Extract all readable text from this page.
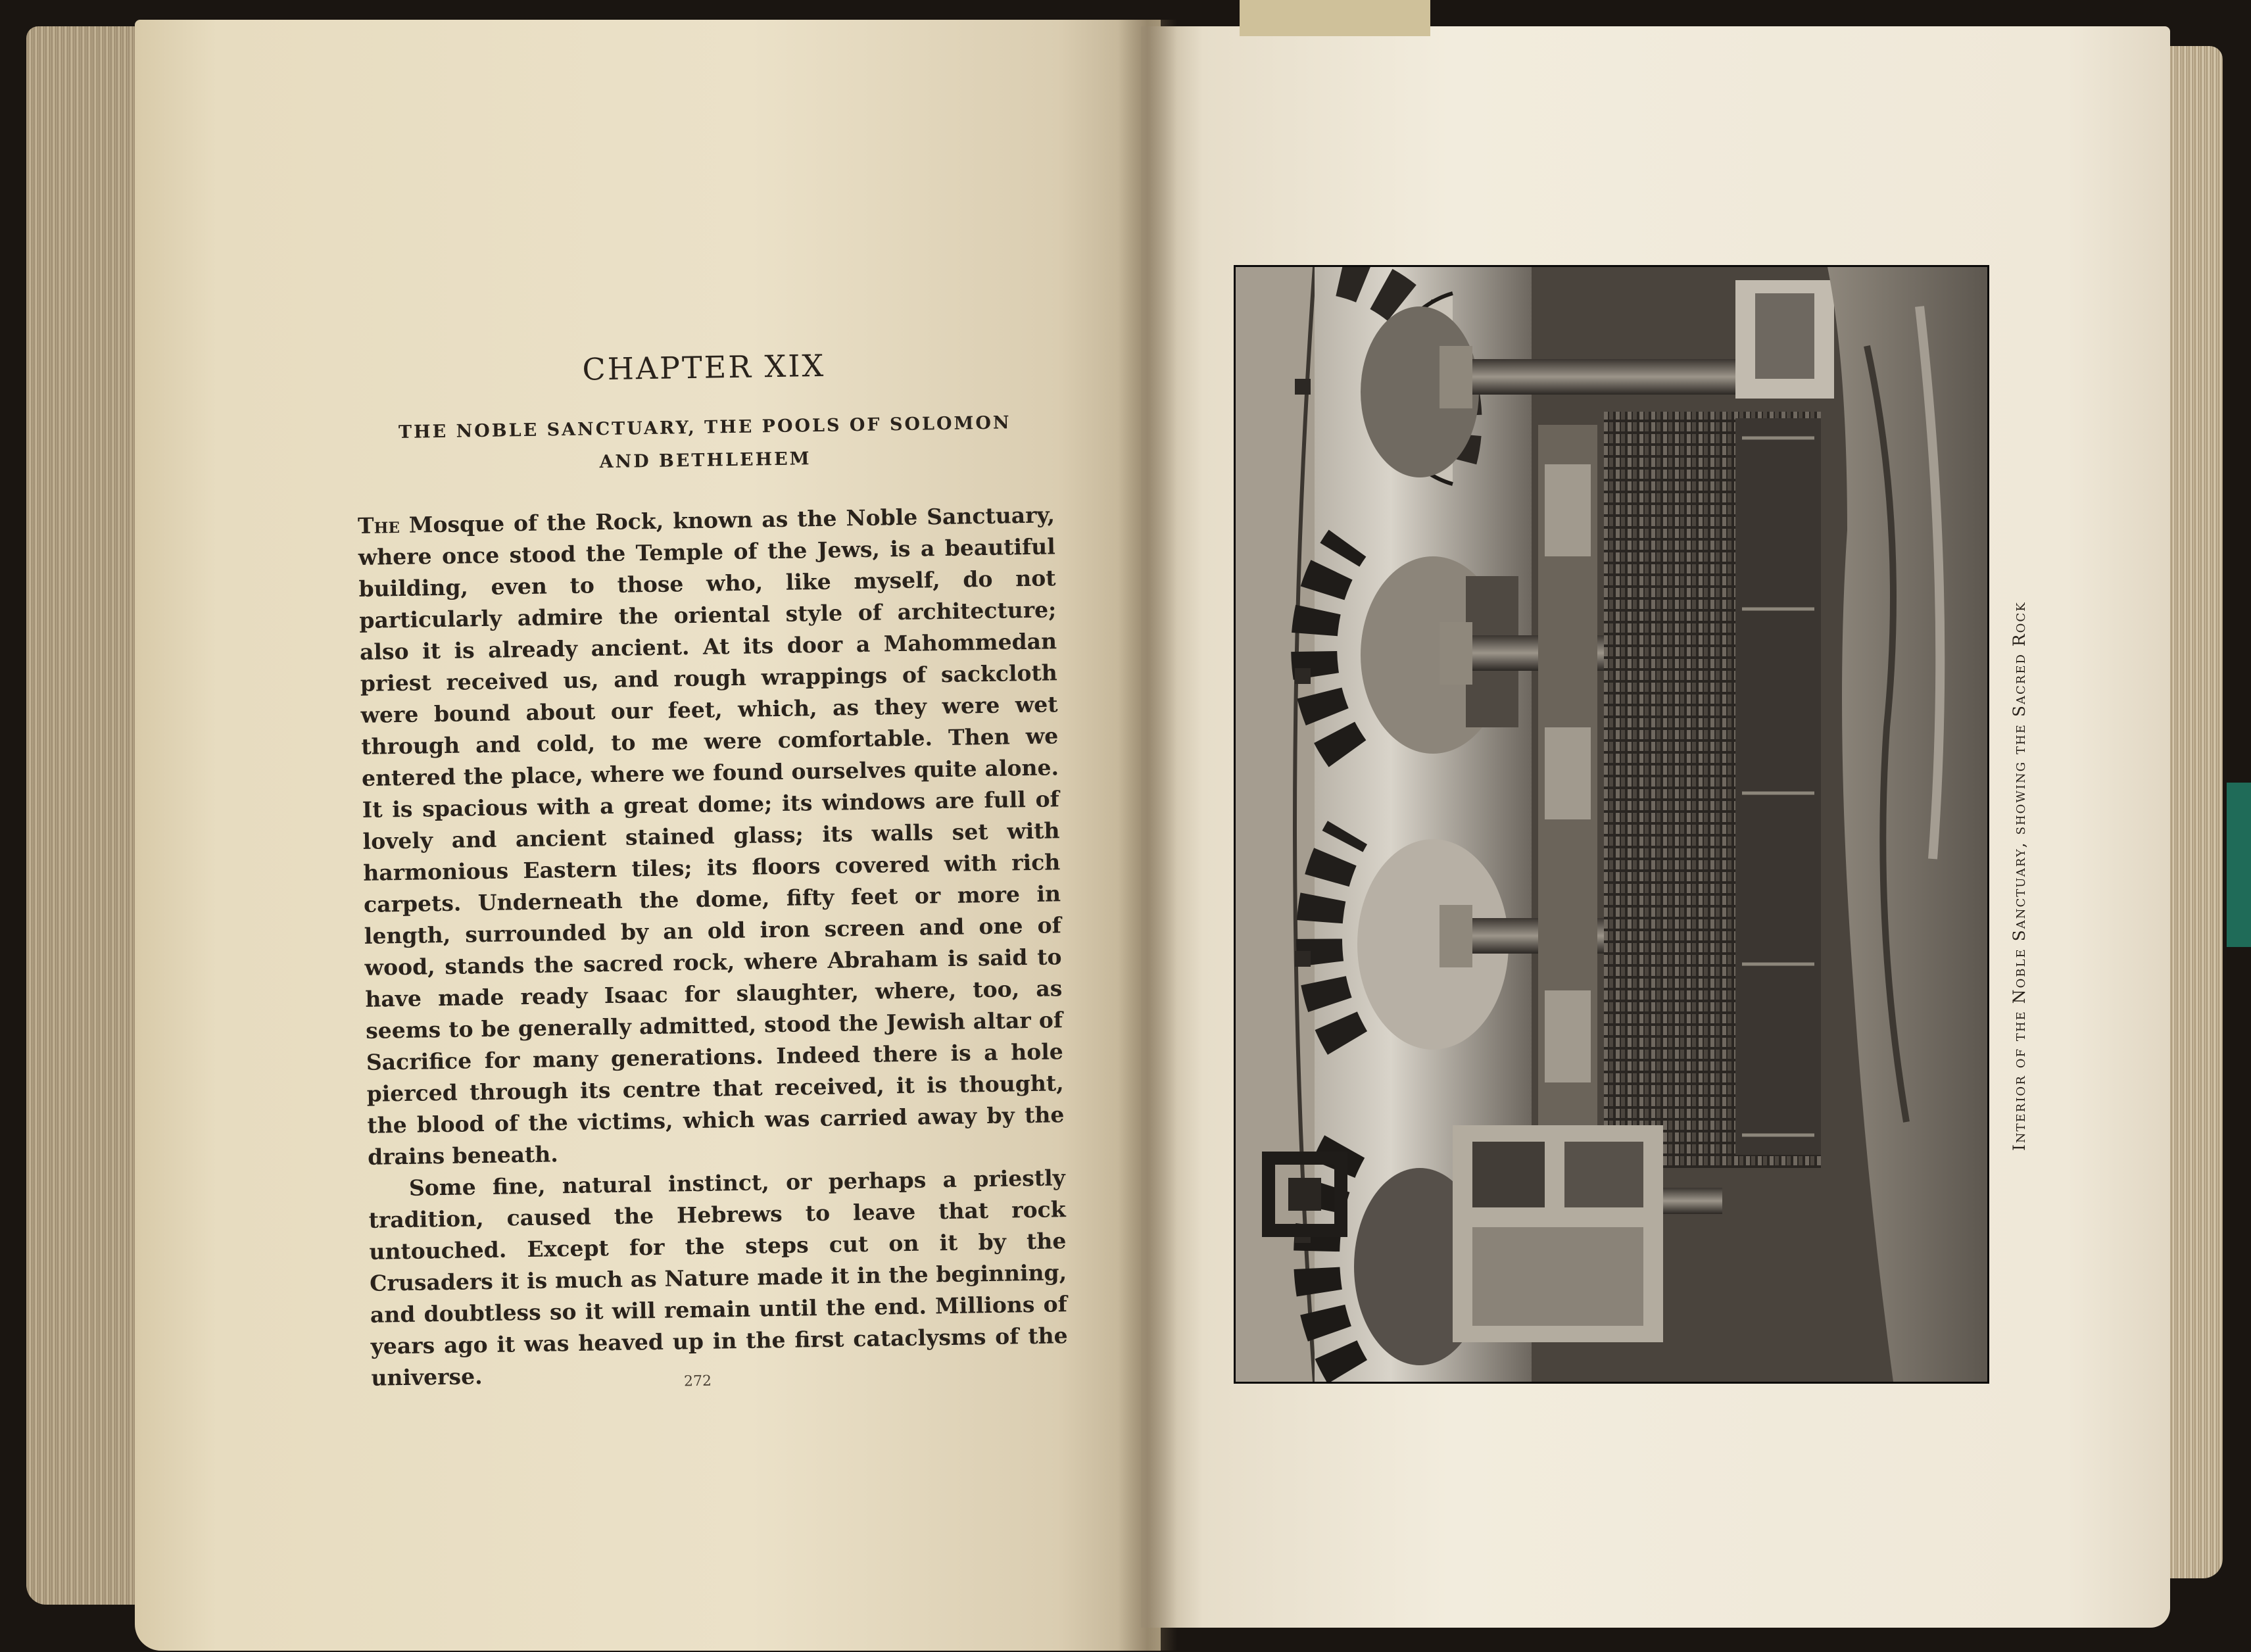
CHAPTER XIX
THE NOBLE SANCTUARY, THE POOLS OF SOLOMON
AND BETHLEHEM

The Mosque of the Rock, known as the Noble Sanctuary, where once stood the Temple of the Jews, is a beautiful building, even to those who, like myself, do not particularly admire the oriental style of architecture; also it is already ancient. At its door a Mahommedan priest received us, and rough wrappings of sackcloth were bound about our feet, which, as they were wet through and cold, to me were comfortable. Then we entered the place, where we found ourselves quite alone. It is spacious with a great dome; its windows are full of lovely and ancient stained glass; its walls set with harmonious Eastern tiles; its floors covered with rich carpets. Underneath the dome, fifty feet or more in length, surrounded by an old iron screen and one of wood, stands the sacred rock, where Abraham is said to have made ready Isaac for slaughter, where, too, as seems to be generally admitted, stood the Jewish altar of Sacrifice for many generations. Indeed there is a hole pierced through its centre that received, it is thought, the blood of the victims, which was carried away by the drains beneath.

Some fine, natural instinct, or perhaps a priestly tradition, caused the Hebrews to leave that rock untouched. Except for the steps cut on it by the Crusaders it is much as Nature made it in the beginning, and doubtless so it will remain until the end. Millions of years ago it was heaved up in the first cataclysms of the universe.	272
Interior of the Noble Sanctuary, showing the Sacred Rock
